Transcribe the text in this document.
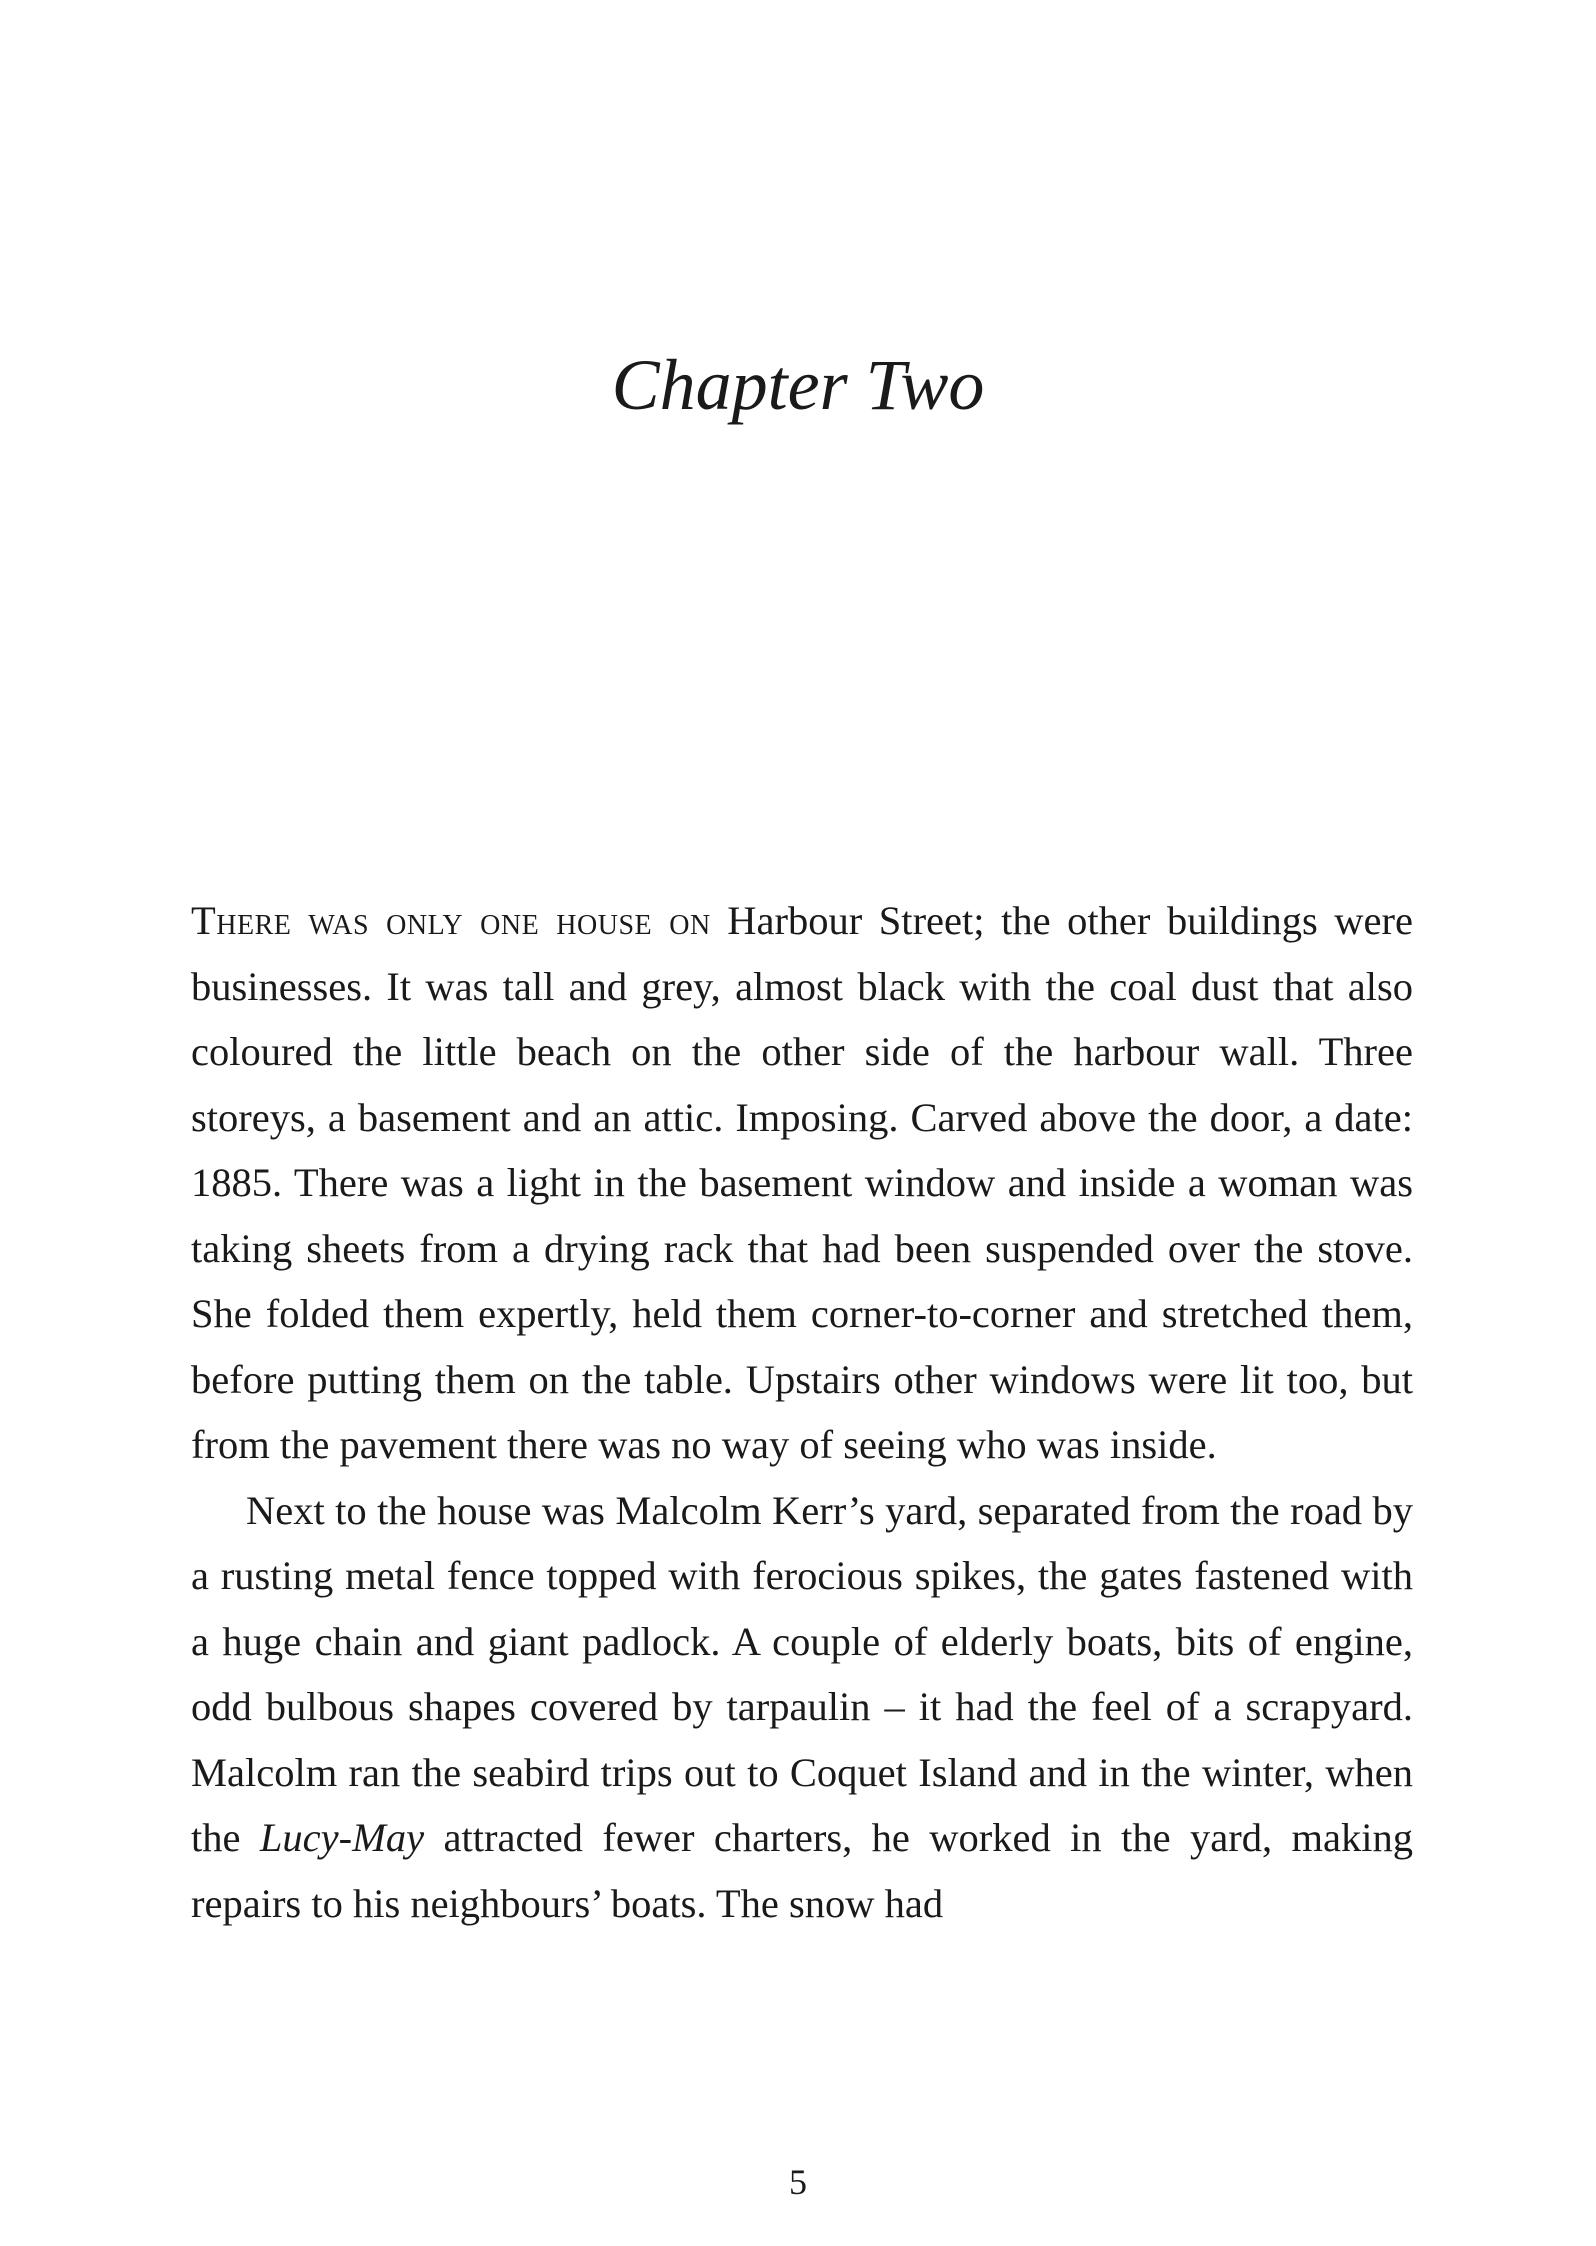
Chapter Two

There was only one house on Harbour Street; the other buildings were businesses. It was tall and grey, almost black with the coal dust that also coloured the little beach on the other side of the harbour wall. Three storeys, a basement and an attic. Imposing. Carved above the door, a date: 1885. There was a light in the basement window and inside a woman was taking sheets from a drying rack that had been suspended over the stove. She folded them expertly, held them corner-to-corner and stretched them, before putting them on the table. Upstairs other windows were lit too, but from the pavement there was no way of seeing who was inside.

Next to the house was Malcolm Kerr’s yard, separated from the road by a rusting metal fence topped with ferocious spikes, the gates fastened with a huge chain and giant padlock. A couple of elderly boats, bits of engine, odd bulbous shapes covered by tarpaulin – it had the feel of a scrapyard. Malcolm ran the seabird trips out to Coquet Island and in the winter, when the Lucy-May attracted fewer charters, he worked in the yard, making repairs to his neighbours’ boats. The snow had

5
